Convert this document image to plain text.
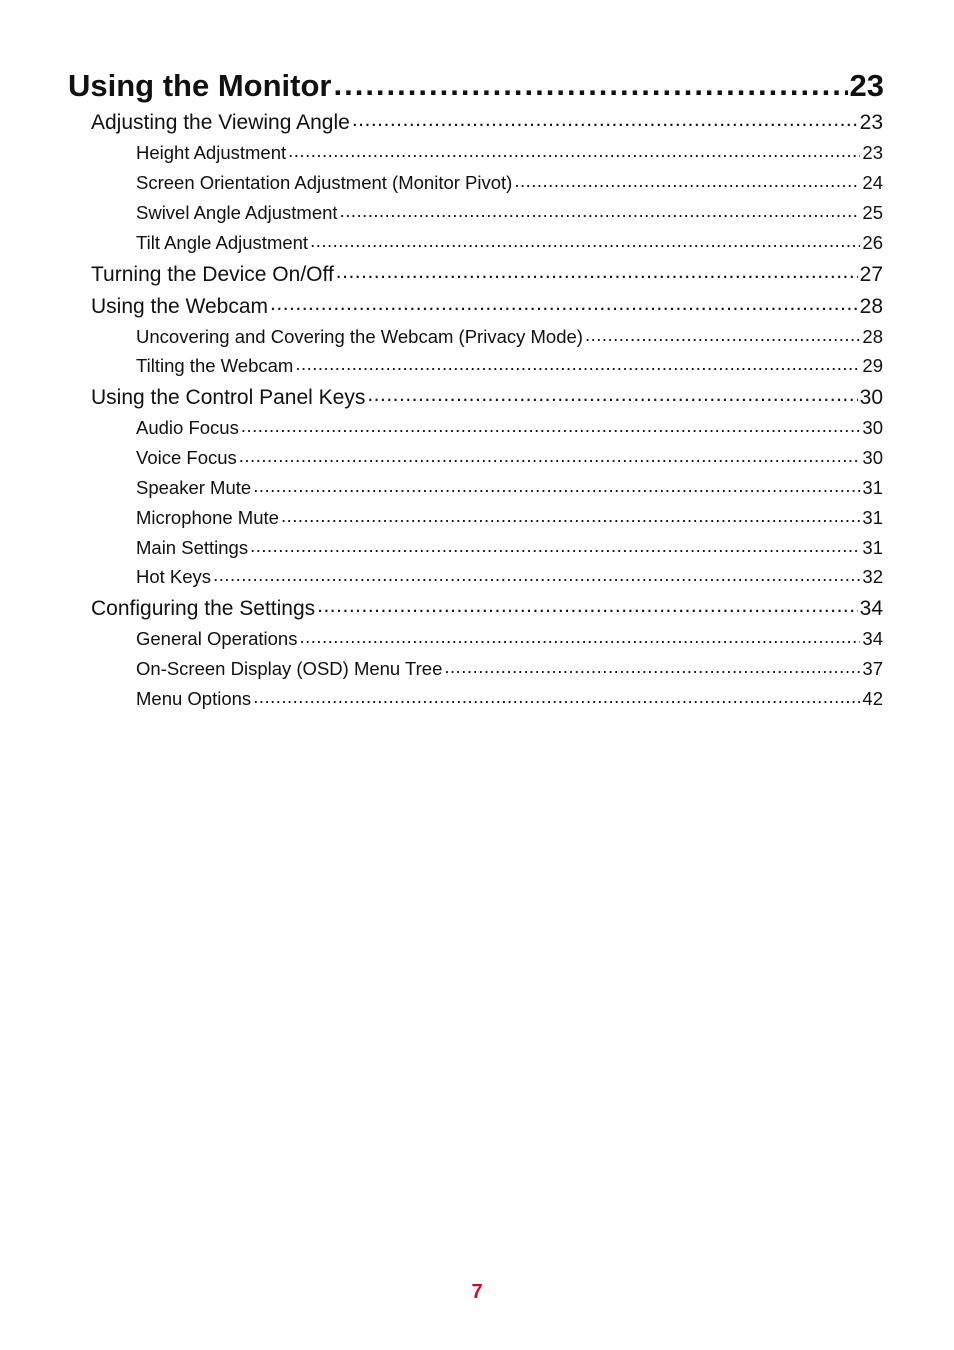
Using the Monitor .....	23
Adjusting the Viewing Angle .....	23
Height Adjustment .....	23
Screen Orientation Adjustment (Monitor Pivot) .....	24
Swivel Angle Adjustment .....	25
Tilt Angle Adjustment .....	26
Turning the Device On/Off .....	27
Using the Webcam .....	28
Uncovering and Covering the Webcam (Privacy Mode) .....	28
Tilting the Webcam .....	29
Using the Control Panel Keys .....	30
Audio Focus .....	30
Voice Focus .....	30
Speaker Mute .....	31
Microphone Mute .....	31
Main Settings .....	31
Hot Keys .....	32
Configuring the Settings .....	34
General Operations .....	34
On-Screen Display (OSD) Menu Tree .....	37
Menu Options .....	42
7
